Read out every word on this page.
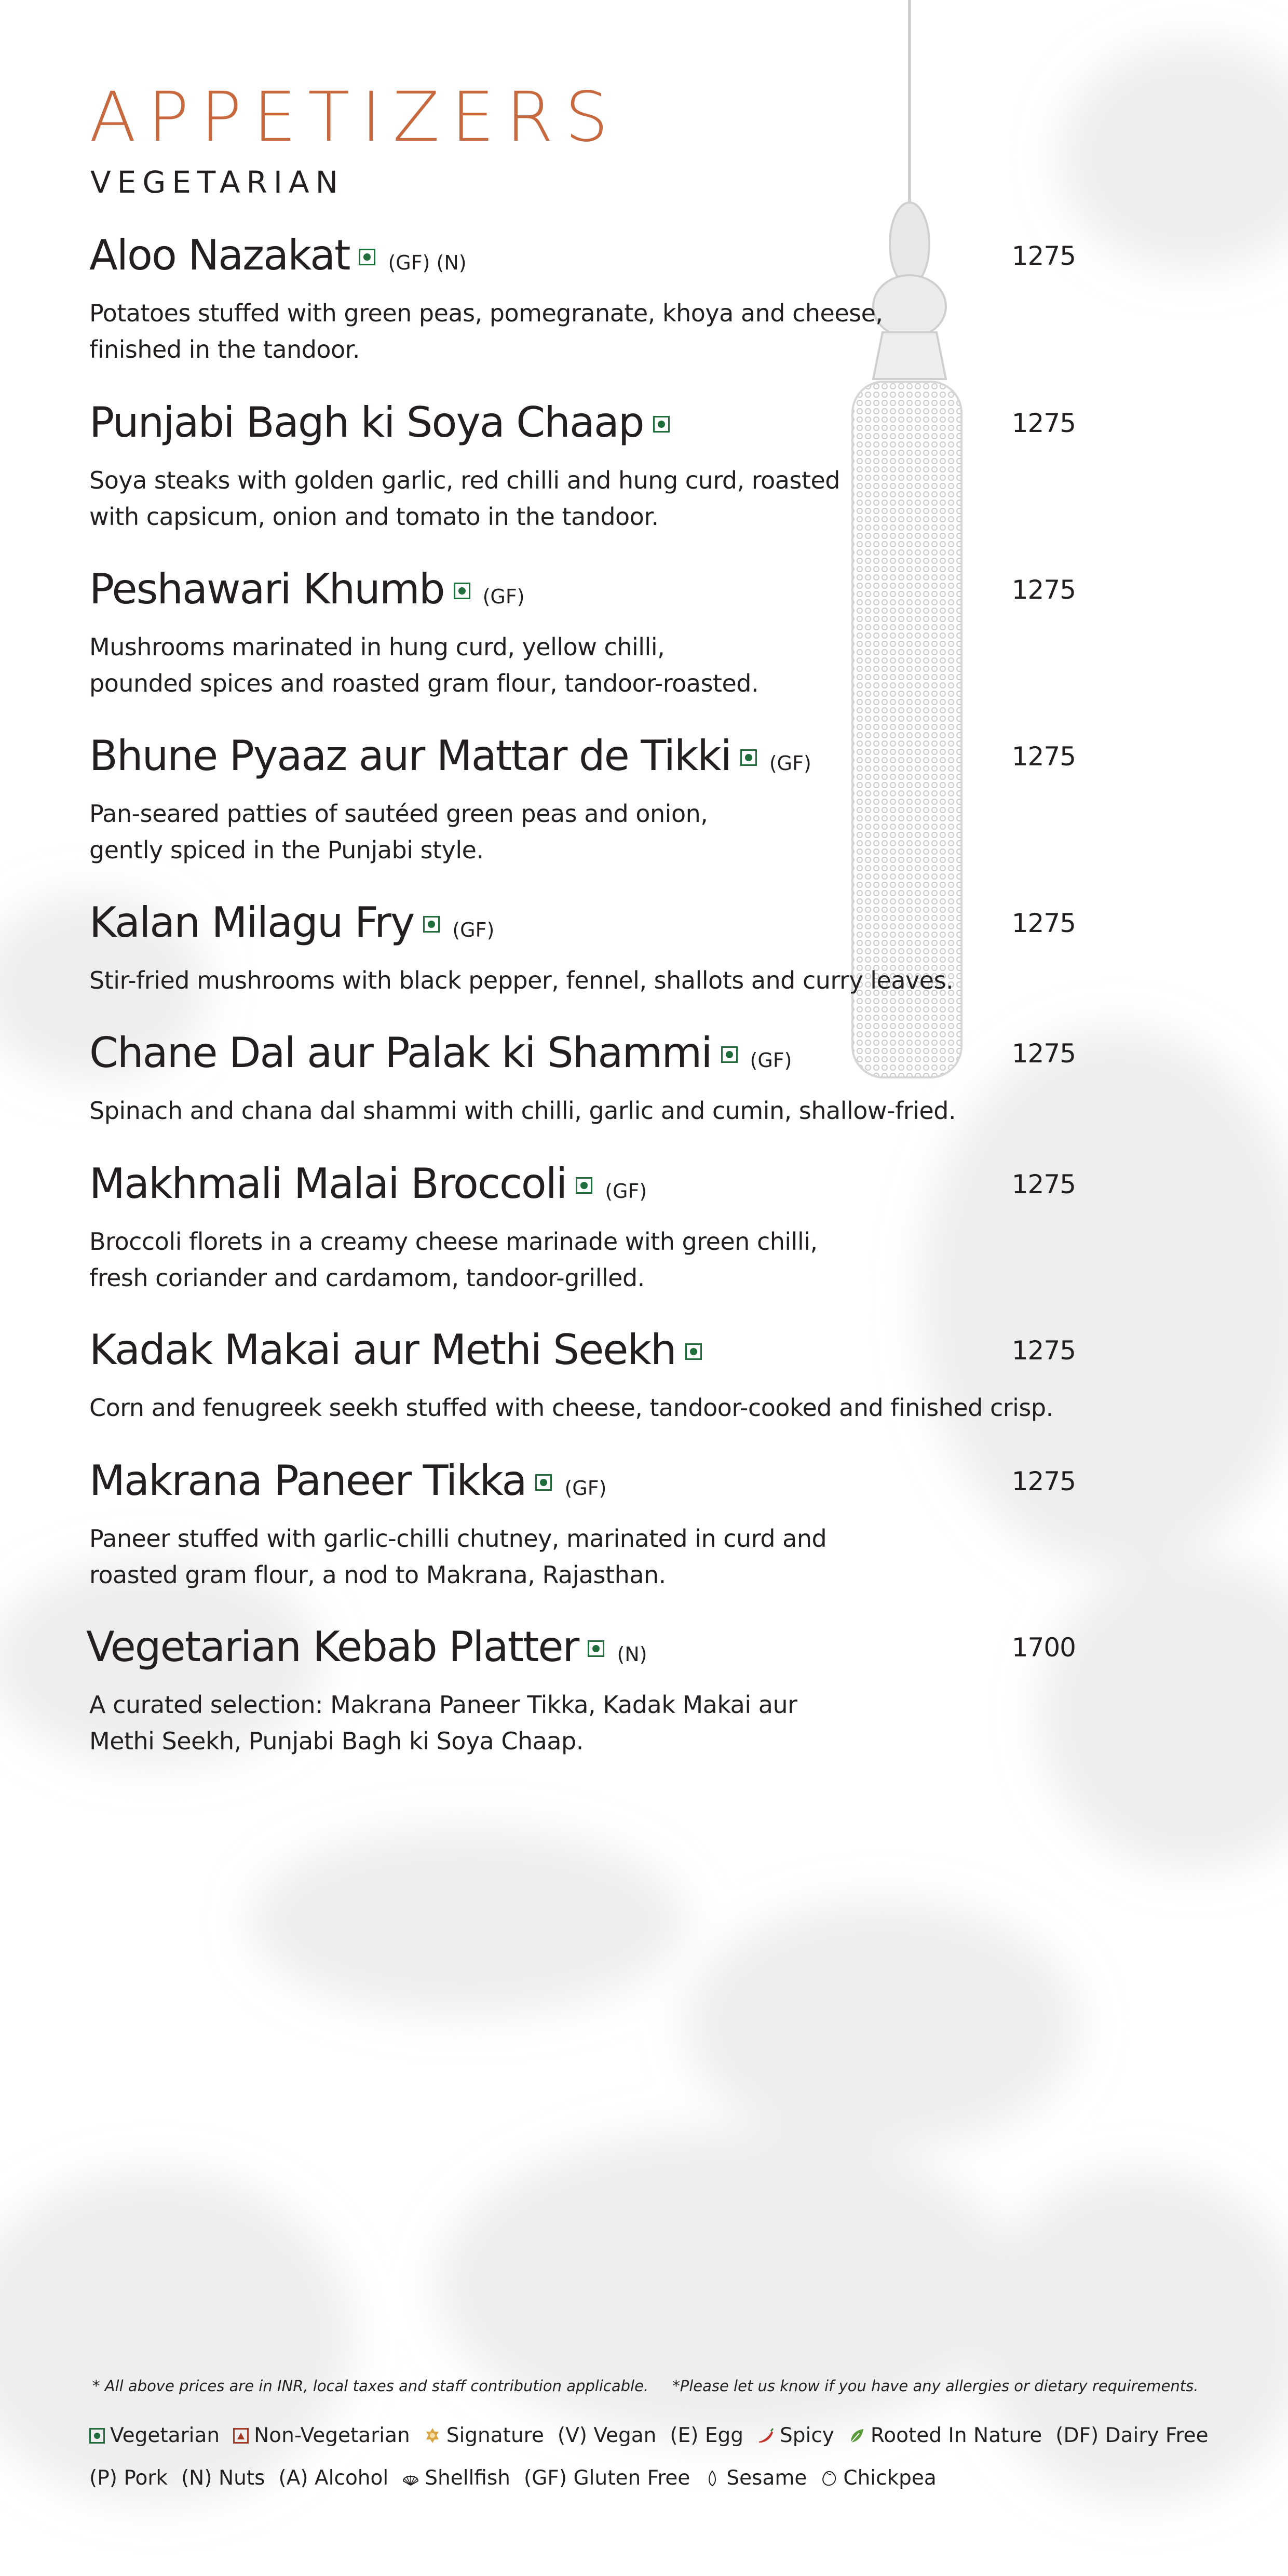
APPETIZERS
VEGETARIAN
Aloo Nazakat (GF) (N)	1275
Potatoes stuffed with green peas, pomegranate, khoya and cheese,
finished in the tandoor.
Punjabi Bagh ki Soya Chaap	1275
Soya steaks with golden garlic, red chilli and hung curd, roasted
with capsicum, onion and tomato in the tandoor.
Peshawari Khumb (GF)	1275
Mushrooms marinated in hung curd, yellow chilli,
pounded spices and roasted gram flour, tandoor-roasted.
Bhune Pyaaz aur Mattar de Tikki (GF)	1275
Pan-seared patties of sautéed green peas and onion,
gently spiced in the Punjabi style.
Kalan Milagu Fry (GF)	1275
Stir-fried mushrooms with black pepper, fennel, shallots and curry leaves.
Chane Dal aur Palak ki Shammi (GF)	1275
Spinach and chana dal shammi with chilli, garlic and cumin, shallow-fried.
Makhmali Malai Broccoli (GF)	1275
Broccoli florets in a creamy cheese marinade with green chilli,
fresh coriander and cardamom, tandoor-grilled.
Kadak Makai aur Methi Seekh	1275
Corn and fenugreek seekh stuffed with cheese, tandoor-cooked and finished crisp.
Makrana Paneer Tikka (GF)	1275
Paneer stuffed with garlic-chilli chutney, marinated in curd and
roasted gram flour, a nod to Makrana, Rajasthan.
Vegetarian Kebab Platter (N)	1700
A curated selection: Makrana Paneer Tikka, Kadak Makai aur
Methi Seekh, Punjabi Bagh ki Soya Chaap.
* All above prices are in INR, local taxes and staff contribution applicable.     *Please let us know if you have any allergies or dietary requirements.
Vegetarian Non-Vegetarian Signature (V) Vegan (E) Egg Spicy Rooted In Nature (DF) Dairy Free
(P) Pork (N) Nuts (A) Alcohol Shellfish (GF) Gluten Free Sesame Chickpea
